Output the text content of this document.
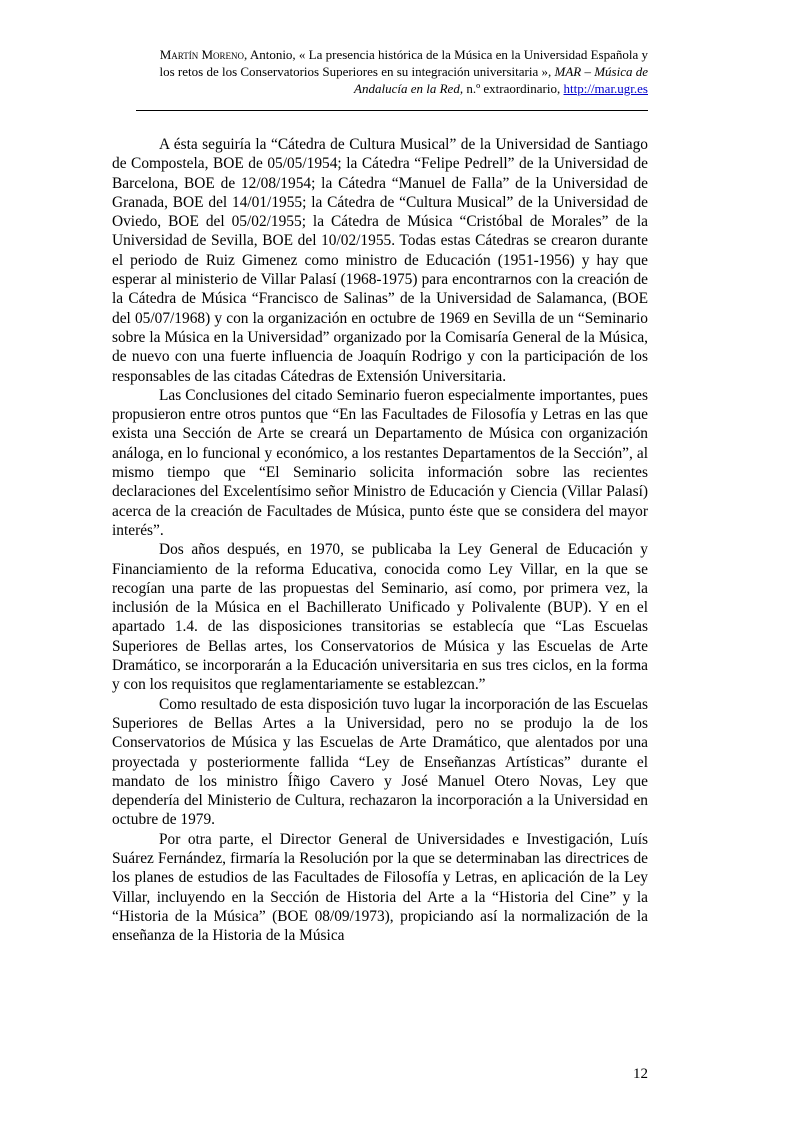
Martín Moreno, Antonio, « La presencia histórica de la Música en la Universidad Española y
los retos de los Conservatorios Superiores en su integración universitaria », MAR – Música de Andalucía en la Red, n.º extraordinario, http://mar.ugr.es

A ésta seguiría la “Cátedra de Cultura Musical” de la Universidad de Santiago de Compostela, BOE de 05/05/1954; la Cátedra “Felipe Pedrell” de la Universidad de Barcelona, BOE de 12/08/1954; la Cátedra “Manuel de Falla” de la Universidad de Granada, BOE del 14/01/1955; la Cátedra de “Cultura Musical” de la Universidad de Oviedo, BOE del 05/02/1955; la Cátedra de Música “Cristóbal de Morales” de la Universidad de Sevilla, BOE del 10/02/1955. Todas estas Cátedras se crearon durante el periodo de Ruiz Gimenez como ministro de Educación (1951-1956) y hay que esperar al ministerio de Villar Palasí (1968-1975) para encontrarnos con la creación de la Cátedra de Música “Francisco de Salinas” de la Universidad de Salamanca, (BOE del 05/07/1968) y con la organización en octubre de 1969 en Sevilla de un “Seminario sobre la Música en la Universidad” organizado por la Comisaría General de la Música, de nuevo con una fuerte influencia de Joaquín Rodrigo y con la participación de los responsables de las citadas Cátedras de Extensión Universitaria.

Las Conclusiones del citado Seminario fueron especialmente importantes, pues propusieron entre otros puntos que “En las Facultades de Filosofía y Letras en las que exista una Sección de Arte se creará un Departamento de Música con organización análoga, en lo funcional y económico, a los restantes Departamentos de la Sección”, al mismo tiempo que “El Seminario solicita información sobre las recientes declaraciones del Excelentísimo señor Ministro de Educación y Ciencia (Villar Palasí) acerca de la creación de Facultades de Música, punto éste que se considera del mayor interés”.

Dos años después, en 1970, se publicaba la Ley General de Educación y Financiamiento de la reforma Educativa, conocida como Ley Villar, en la que se recogían una parte de las propuestas del Seminario, así como, por primera vez, la inclusión de la Música en el Bachillerato Unificado y Polivalente (BUP). Y en el apartado 1.4. de las disposiciones transitorias se establecía que “Las Escuelas Superiores de Bellas artes, los Conservatorios de Música y las Escuelas de Arte Dramático, se incorporarán a la Educación universitaria en sus tres ciclos, en la forma y con los requisitos que reglamentariamente se establezcan.”

Como resultado de esta disposición tuvo lugar la incorporación de las Escuelas Superiores de Bellas Artes a la Universidad, pero no se produjo la de los Conservatorios de Música y las Escuelas de Arte Dramático, que alentados por una proyectada y posteriormente fallida “Ley de Enseñanzas Artísticas” durante el mandato de los ministro Íñigo Cavero y José Manuel Otero Novas, Ley que dependería del Ministerio de Cultura, rechazaron la incorporación a la Universidad en octubre de 1979.

Por otra parte, el Director General de Universidades e Investigación, Luís Suárez Fernández, firmaría la Resolución por la que se determinaban las directrices de los planes de estudios de las Facultades de Filosofía y Letras, en aplicación de la Ley Villar, incluyendo en la Sección de Historia del Arte a la “Historia del Cine” y la “Historia de la Música” (BOE 08/09/1973), propiciando así la normalización de la enseñanza de la Historia de la Música

12
